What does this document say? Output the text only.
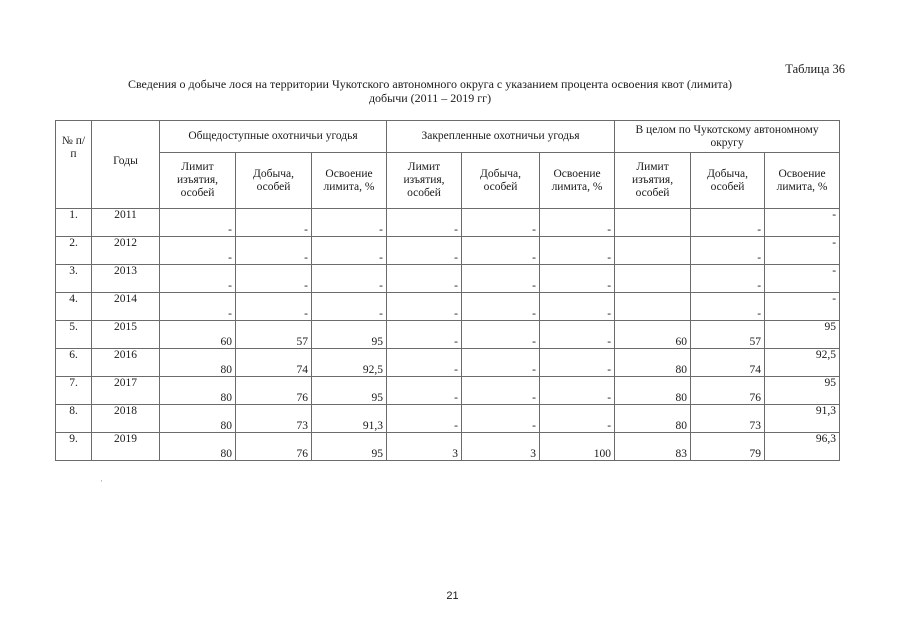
Таблица 36
Сведения о добыче лося на территории Чукотского автономного округа с указанием процента освоения квот (лимита)
добычи (2011 – 2019 гг)
№ п/п	Годы	Общедоступные охотничьи угодья			Закрепленные охотничьи угодья			В целом по Чукотскому автономному округу		
		Лимит изъятия, особей	Добыча, особей	Освоение лимита, %	Лимит изъятия, особей	Добыча, особей	Освоение лимита, %	Лимит изъятия, особей	Добыча, особей	Освоение лимита, %
1.	2011	-	-	-	-	-	-		-	-
2.	2012	-	-	-	-	-	-		-	-
3.	2013	-	-	-	-	-	-		-	-
4.	2014	-	-	-	-	-	-		-	-
5.	2015	60	57	95	-	-	-	60	57	95
6.	2016	80	74	92,5	-	-	-	80	74	92,5
7.	2017	80	76	95	-	-	-	80	76	95
8.	2018	80	73	91,3	-	-	-	80	73	91,3
9.	2019	80	76	95	3	3	100	83	79	96,3
·
21
